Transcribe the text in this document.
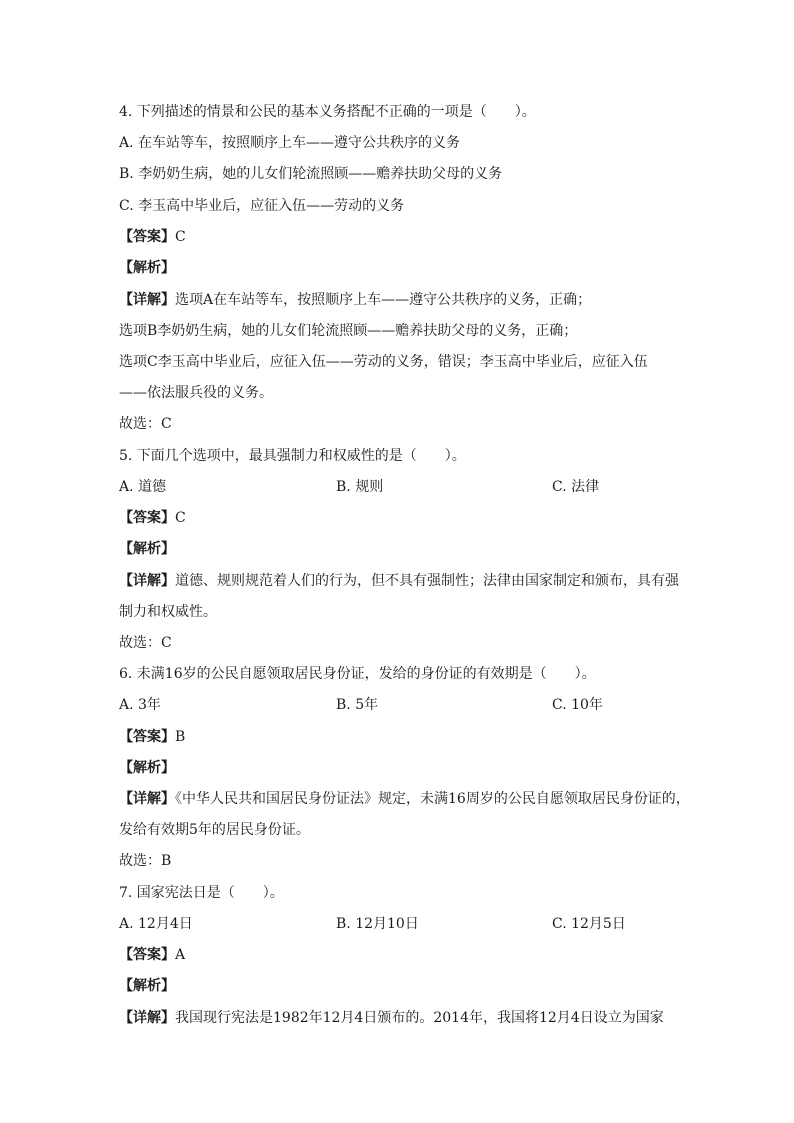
4. 下列描述的情景和公民的基本义务搭配不正确的一项是（　　）。
A. 在车站等车，按照顺序上车——遵守公共秩序的义务
B. 李奶奶生病，她的儿女们轮流照顾——赡养扶助父母的义务
C. 李玉高中毕业后，应征入伍——劳动的义务
【答案】C
【解析】
【详解】选项A在车站等车，按照顺序上车——遵守公共秩序的义务，正确；
选项B李奶奶生病，她的儿女们轮流照顾——赡养扶助父母的义务，正确；
选项C李玉高中毕业后，应征入伍——劳动的义务，错误；李玉高中毕业后，应征入伍
——依法服兵役的义务。
故选：C
5. 下面几个选项中，最具强制力和权威性的是（　　）。
A. 道德	B. 规则	C. 法律
【答案】C
【解析】
【详解】道德、规则规范着人们的行为，但不具有强制性；法律由国家制定和颁布，具有强
制力和权威性。
故选：C
6. 未满16岁的公民自愿领取居民身份证，发给的身份证的有效期是（　　）。
A. 3年	B. 5年	C. 10年
【答案】B
【解析】
【详解】《中华人民共和国居民身份证法》规定，未满16周岁的公民自愿领取居民身份证的，
发给有效期5年的居民身份证。
故选：B
7. 国家宪法日是（　　）。
A. 12月4日	B. 12月10日	C. 12月5日
【答案】A
【解析】
【详解】我国现行宪法是1982年12月4日颁布的。2014年，我国将12月4日设立为国家
